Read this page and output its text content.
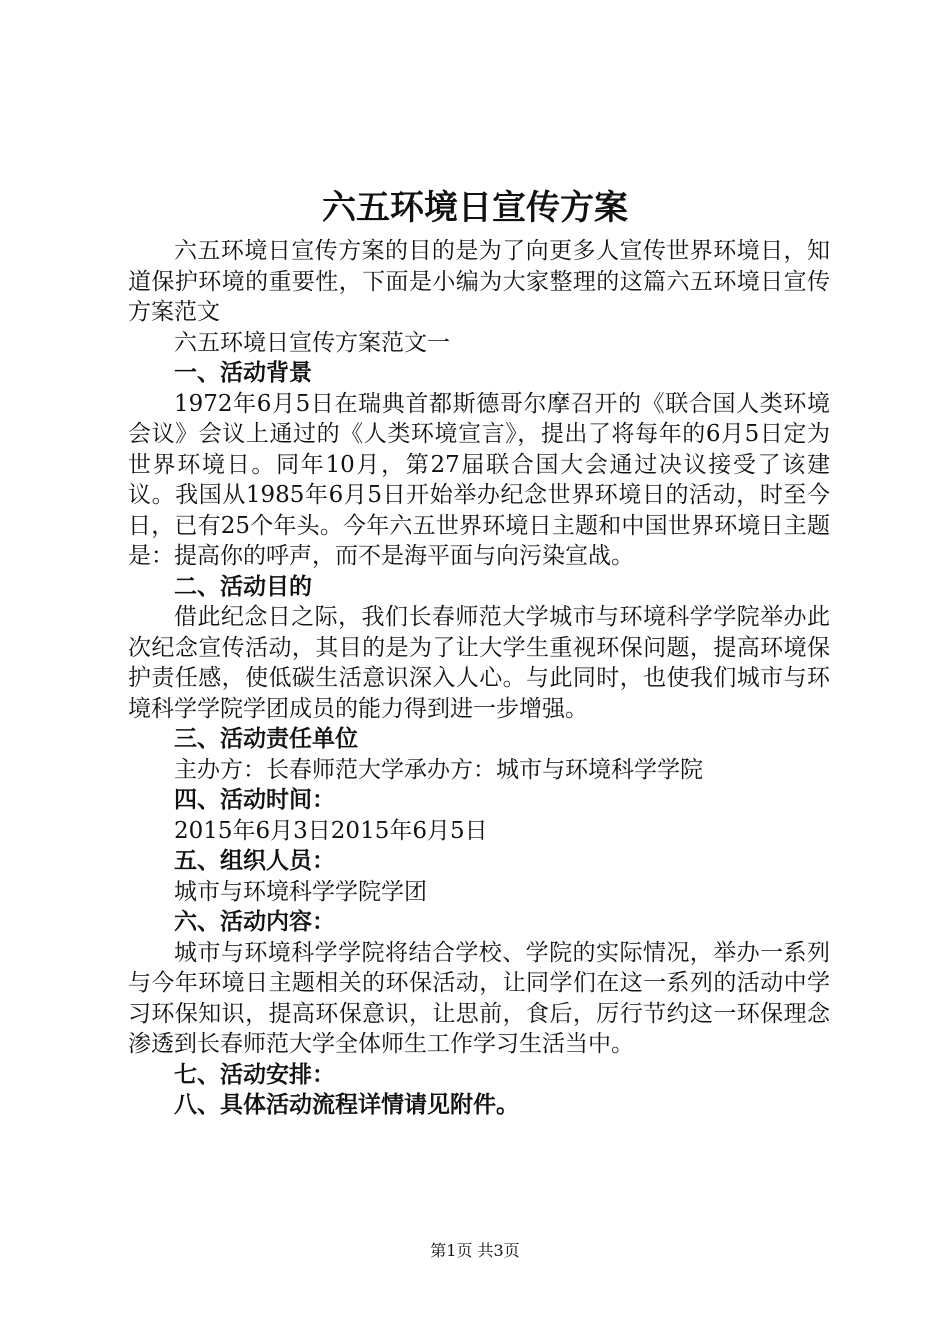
六五环境日宣传方案

六五环境日宣传方案的目的是为了向更多人宣传世界环境日，知道保护环境的重要性，下面是小编为大家整理的这篇六五环境日宣传方案范文

六五环境日宣传方案范文一

一、活动背景

1972年6月5日在瑞典首都斯德哥尔摩召开的《联合国人类环境会议》会议上通过的《人类环境宣言》，提出了将每年的6月5日定为世界环境日。同年10月，第27届联合国大会通过决议接受了该建议。我国从1985年6月5日开始举办纪念世界环境日的活动，时至今日，已有25个年头。今年六五世界环境日主题和中国世界环境日主题是：提高你的呼声，而不是海平面与向污染宣战。

二、活动目的

借此纪念日之际，我们长春师范大学城市与环境科学学院举办此次纪念宣传活动，其目的是为了让大学生重视环保问题，提高环境保护责任感，使低碳生活意识深入人心。与此同时，也使我们城市与环境科学学院学团成员的能力得到进一步增强。

三、活动责任单位

主办方：长春师范大学承办方：城市与环境科学学院

四、活动时间：

2015年6月3日2015年6月5日

五、组织人员：

城市与环境科学学院学团

六、活动内容：

城市与环境科学学院将结合学校、学院的实际情况，举办一系列与今年环境日主题相关的环保活动，让同学们在这一系列的活动中学习环保知识，提高环保意识，让思前，食后，厉行节约这一环保理念渗透到长春师范大学全体师生工作学习生活当中。

七、活动安排：

八、具体活动流程详情请见附件。

第1页 共3页
